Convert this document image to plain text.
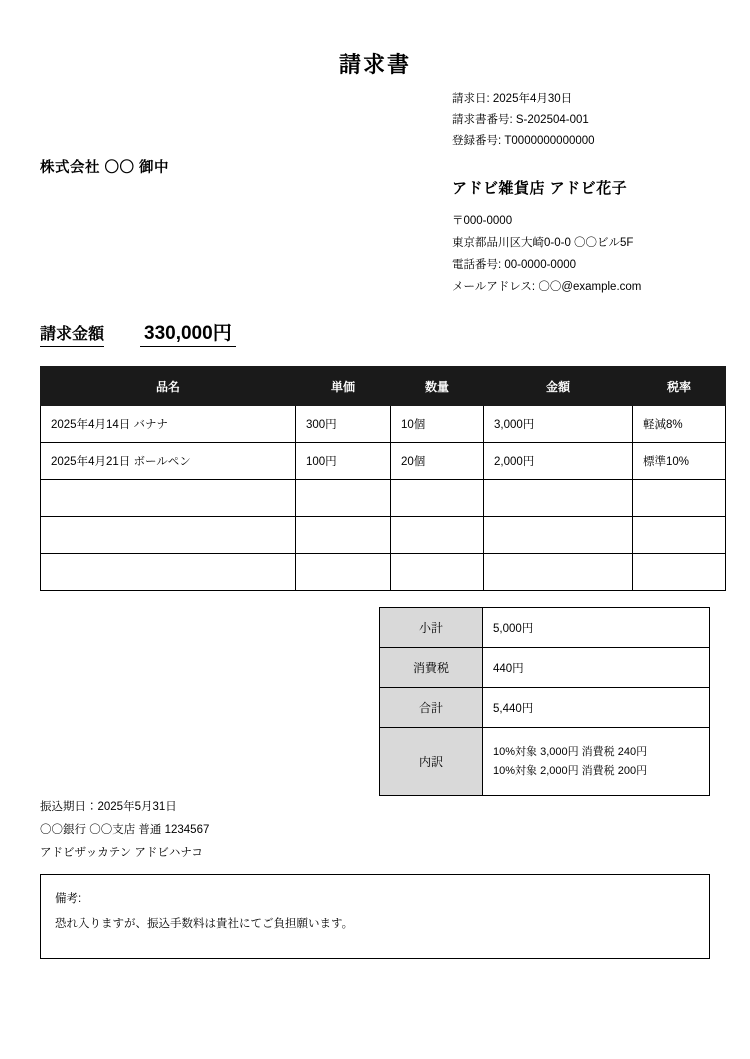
請求書
請求日: 2025年4月30日
請求書番号: S-202504-001
登録番号: T0000000000000
株式会社 〇〇 御中
アドビ雑貨店 アドビ花子
〒000-0000
東京都品川区大崎0-0-0 〇〇ビル5F
電話番号: 00-0000-0000
メールアドレス: 〇〇@example.com
請求金額 330,000円
品名	単価	数量	金額	税率
2025年4月14日 バナナ	300円	10個	3,000円	軽減8%
2025年4月21日 ボールペン	100円	20個	2,000円	標準10%

小計	5,000円
消費税	440円
合計	5,440円
内訳	10%対象 3,000円 消費税 240円
10%対象 2,000円 消費税 200円
振込期日：2025年5月31日
〇〇銀行 〇〇支店 普通 1234567
アドビザッカテン アドビハナコ
備考:
恐れ入りますが、振込手数料は貴社にてご負担願います。
